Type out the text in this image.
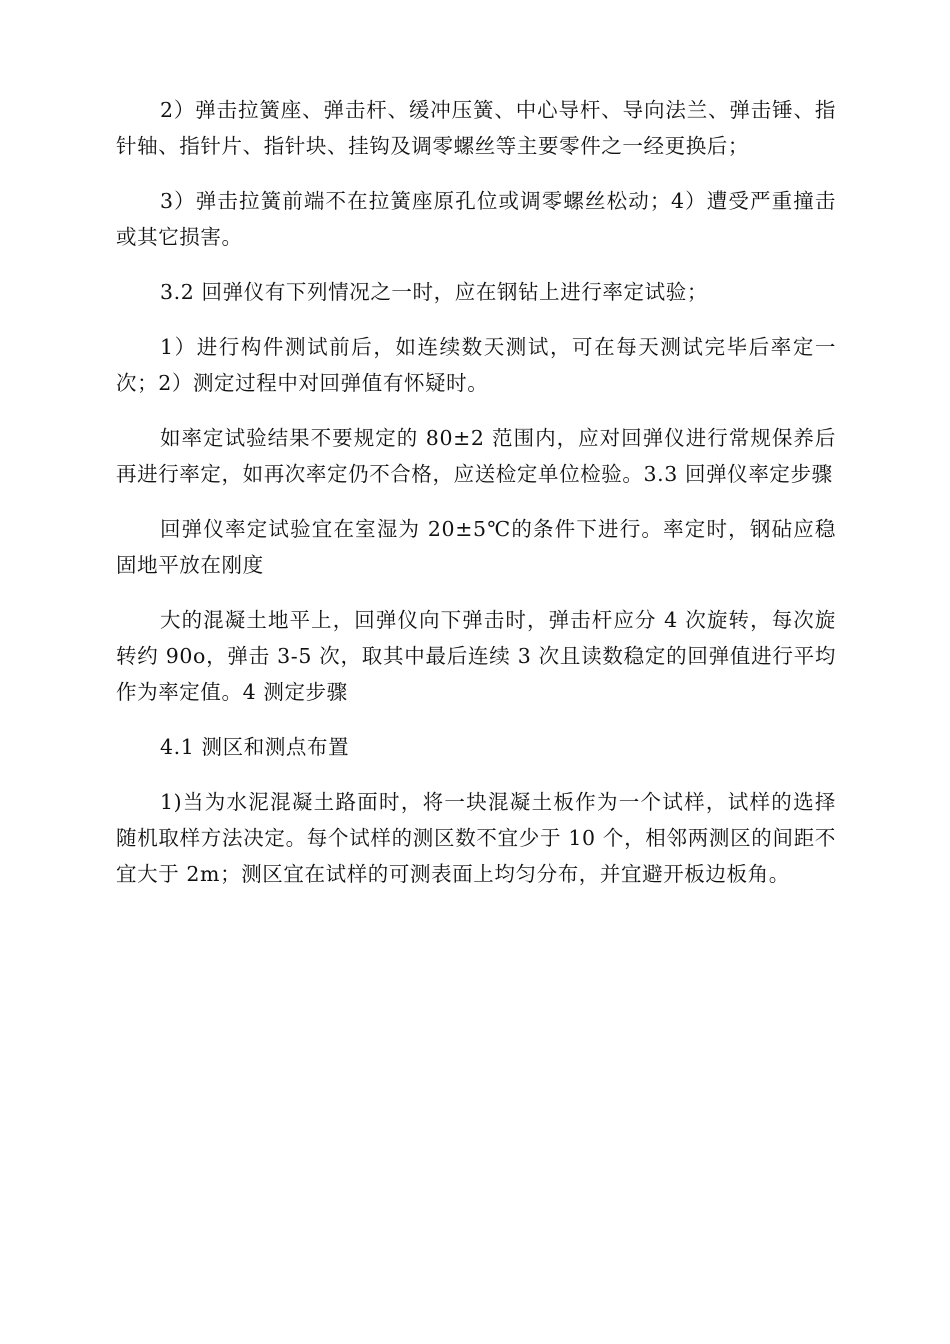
2）弹击拉簧座、弹击杆、缓冲压簧、中心导杆、导向法兰、弹击锤、指针轴、指针片、指针块、挂钩及调零螺丝等主要零件之一经更换后；

3）弹击拉簧前端不在拉簧座原孔位或调零螺丝松动；4）遭受严重撞击或其它损害。

3.2 回弹仪有下列情况之一时，应在钢钻上进行率定试验；

1）进行构件测试前后，如连续数天测试，可在每天测试完毕后率定一次；2）测定过程中对回弹值有怀疑时。

如率定试验结果不要规定的 80±2 范围内，应对回弹仪进行常规保养后再进行率定，如再次率定仍不合格，应送检定单位检验。3.3 回弹仪率定步骤

回弹仪率定试验宜在室湿为 20±5℃的条件下进行。率定时，钢砧应稳固地平放在刚度

大的混凝土地平上，回弹仪向下弹击时，弹击杆应分 4 次旋转，每次旋转约 90o，弹击 3-5 次，取其中最后连续 3 次且读数稳定的回弹值进行平均作为率定值。4 测定步骤

4.1 测区和测点布置

1)当为水泥混凝土路面时，将一块混凝土板作为一个试样，试样的选择随机取样方法决定。每个试样的测区数不宜少于 10 个，相邻两测区的间距不宜大于 2m；测区宜在试样的可测表面上均匀分布，并宜避开板边板角。
